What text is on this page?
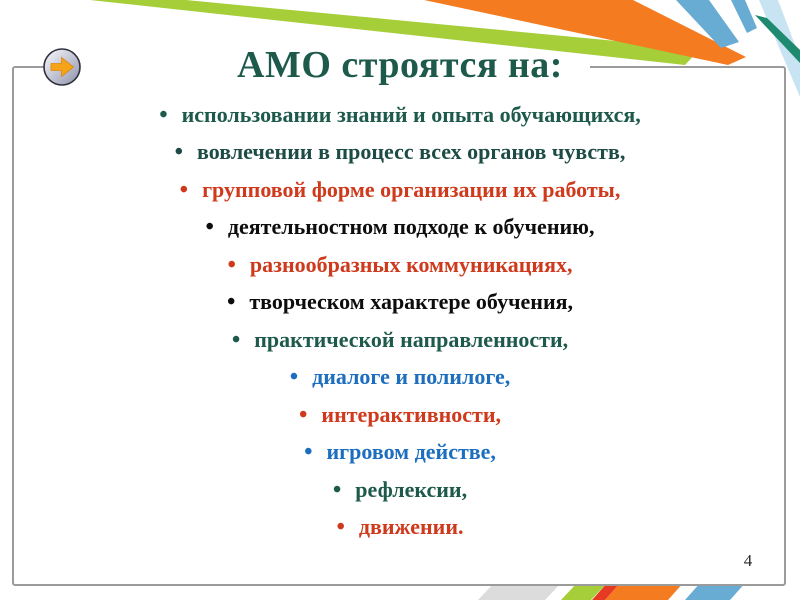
АМО строятся на:
• использовании знаний и опыта обучающихся,
• вовлечении в процесс всех органов чувств,
• групповой форме организации их работы,
• деятельностном подходе к обучению,
• разнообразных коммуникациях,
• творческом характере обучения,
• практической направленности,
• диалоге и полилоге,
• интерактивности,
• игровом действе,
• рефлексии,
• движении.
4
